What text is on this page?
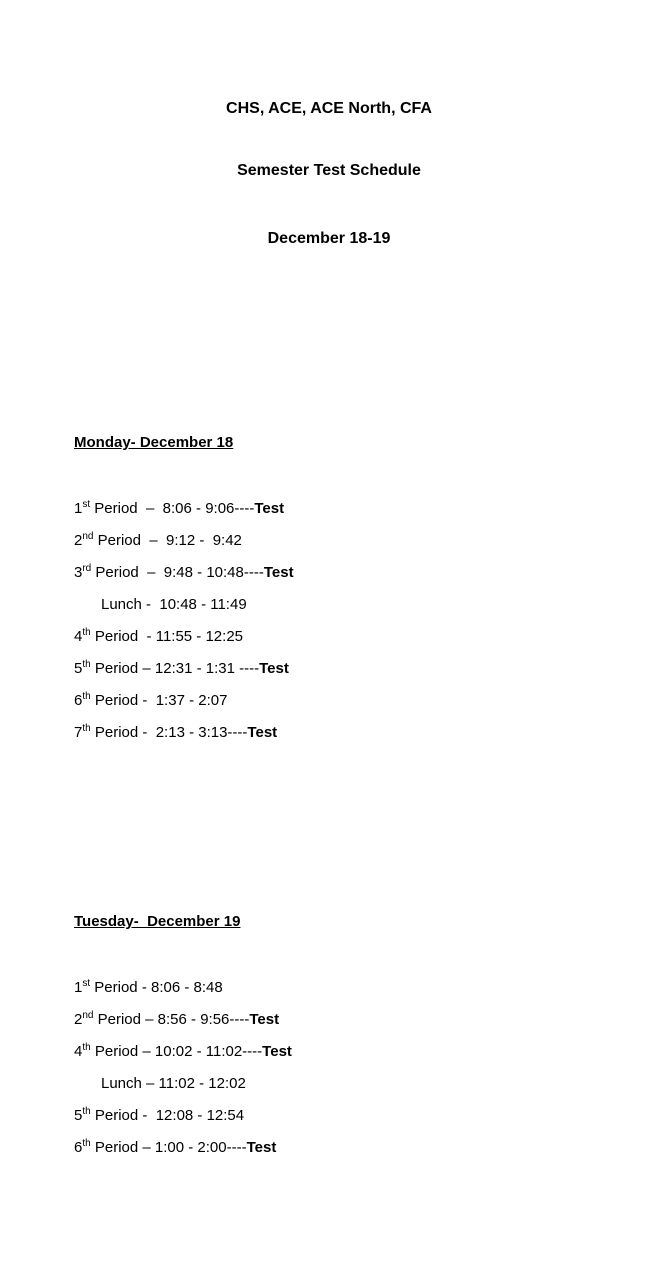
CHS, ACE, ACE North, CFA

Semester Test Schedule

December 18-19

Monday- December 18

1st Period  –  8:06 - 9:06----Test
2nd Period  –  9:12 -  9:42
3rd Period  –  9:48 - 10:48----Test
Lunch -  10:48 - 11:49
4th Period  - 11:55 - 12:25
5th Period – 12:31 - 1:31 ----Test
6th Period -  1:37 - 2:07
7th Period -  2:13 - 3:13----Test

Tuesday-  December 19

1st Period - 8:06 - 8:48
2nd Period – 8:56 - 9:56----Test
4th Period – 10:02 - 11:02----Test
Lunch – 11:02 - 12:02
5th Period -  12:08 - 12:54
6th Period – 1:00 - 2:00----Test
